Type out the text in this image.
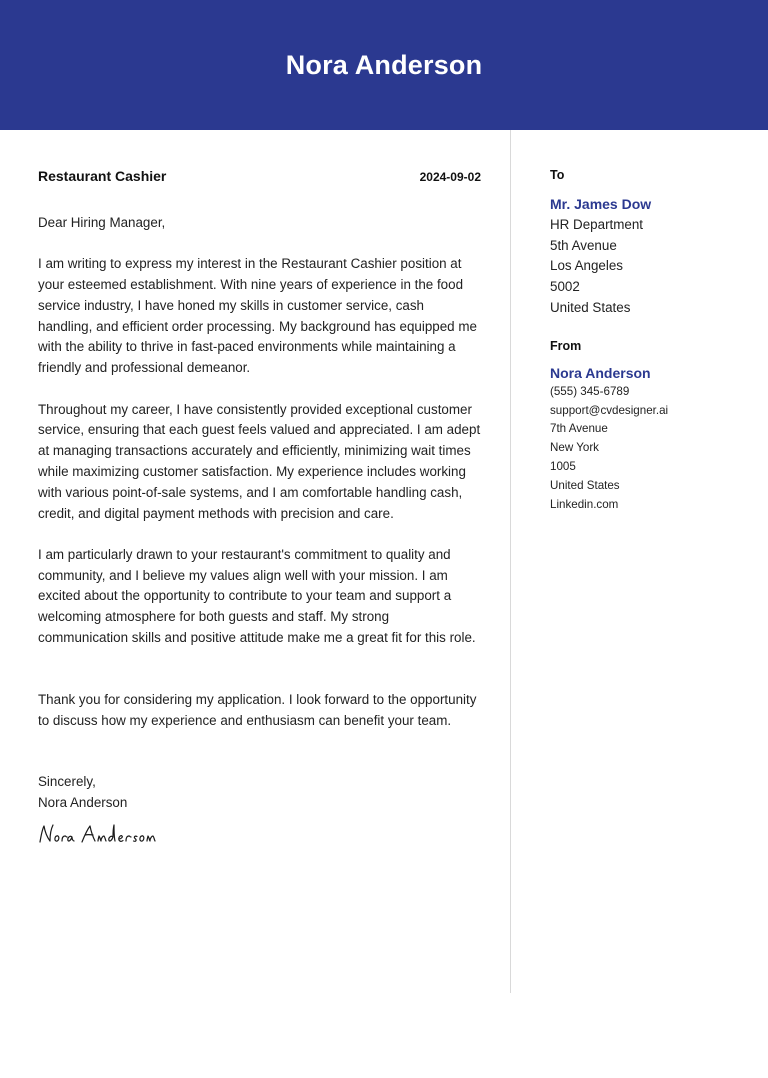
Nora Anderson
Restaurant Cashier	2024-09-02
Dear Hiring Manager,
I am writing to express my interest in the Restaurant Cashier position at your esteemed establishment. With nine years of experience in the food service industry, I have honed my skills in customer service, cash handling, and efficient order processing. My background has equipped me with the ability to thrive in fast-paced environments while maintaining a friendly and professional demeanor.
Throughout my career, I have consistently provided exceptional customer service, ensuring that each guest feels valued and appreciated. I am adept at managing transactions accurately and efficiently, minimizing wait times while maximizing customer satisfaction. My experience includes working with various point-of-sale systems, and I am comfortable handling cash, credit, and digital payment methods with precision and care.
I am particularly drawn to your restaurant's commitment to quality and community, and I believe my values align well with your mission. I am excited about the opportunity to contribute to your team and support a welcoming atmosphere for both guests and staff. My strong communication skills and positive attitude make me a great fit for this role.
Thank you for considering my application. I look forward to the opportunity to discuss how my experience and enthusiasm can benefit your team.
Sincerely,
Nora Anderson
To
Mr. James Dow
HR Department
5th Avenue
Los Angeles
5002
United States
From
Nora Anderson
(555) 345-6789
support@cvdesigner.ai
7th Avenue
New York
1005
United States
Linkedin.com
